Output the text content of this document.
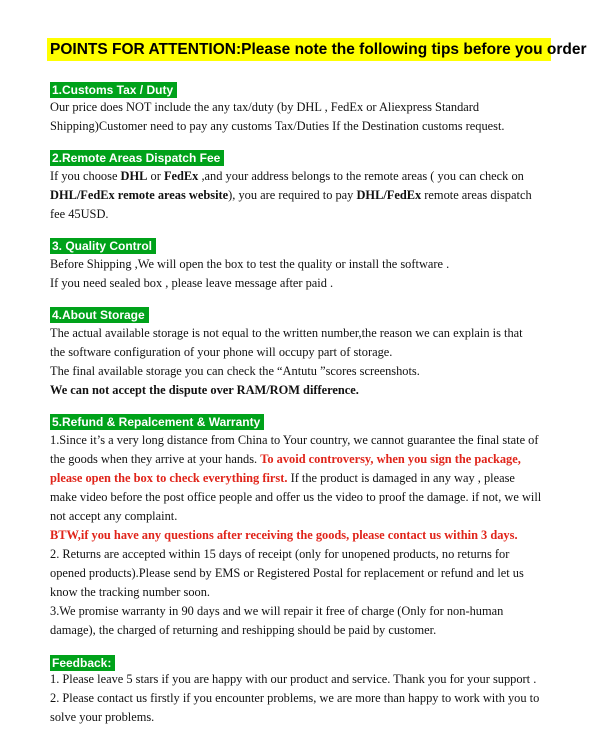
POINTS FOR ATTENTION:Please note the following tips before you order
1.Customs Tax / Duty
Our price does NOT include the any tax/duty (by DHL , FedEx or Aliexpress Standard
Shipping)Customer need to pay any customs Tax/Duties If the Destination customs request.
2.Remote Areas Dispatch Fee
If you choose DHL or FedEx ,and your address belongs to the remote areas ( you can check on
DHL/FedEx remote areas website), you are required to pay DHL/FedEx remote areas dispatch
fee 45USD.
3. Quality Control
Before Shipping ,We will open the box to test the quality or install the software .
If you need sealed box , please leave message after paid .
4.About Storage
The actual available storage is not equal to the written number,the reason we can explain is that
the software configuration of your phone will occupy part of storage.
The final available storage you can check the “Antutu ”scores screenshots.
We can not accept the dispute over RAM/ROM difference.
5.Refund & Repalcement & Warranty
1.Since it’s a very long distance from China to Your country, we cannot guarantee the final state of
the goods when they arrive at your hands. To avoid controversy, when you sign the package,
please open the box to check everything first. If the product is damaged in any way , please
make video before the post office people and offer us the video to proof the damage. if not, we will
not accept any complaint.
BTW,if you have any questions after receiving the goods, please contact us within 3 days.
2. Returns are accepted within 15 days of receipt (only for unopened products, no returns for
opened products).Please send by EMS or Registered Postal for replacement or refund and let us
know the tracking number soon.
3.We promise warranty in 90 days and we will repair it free of charge (Only for non-human
damage), the charged of returning and reshipping should be paid by customer.
Feedback:
1. Please leave 5 stars if you are happy with our product and service. Thank you for your support .
2. Please contact us firstly if you encounter problems, we are more than happy to work with you to
solve your problems.
